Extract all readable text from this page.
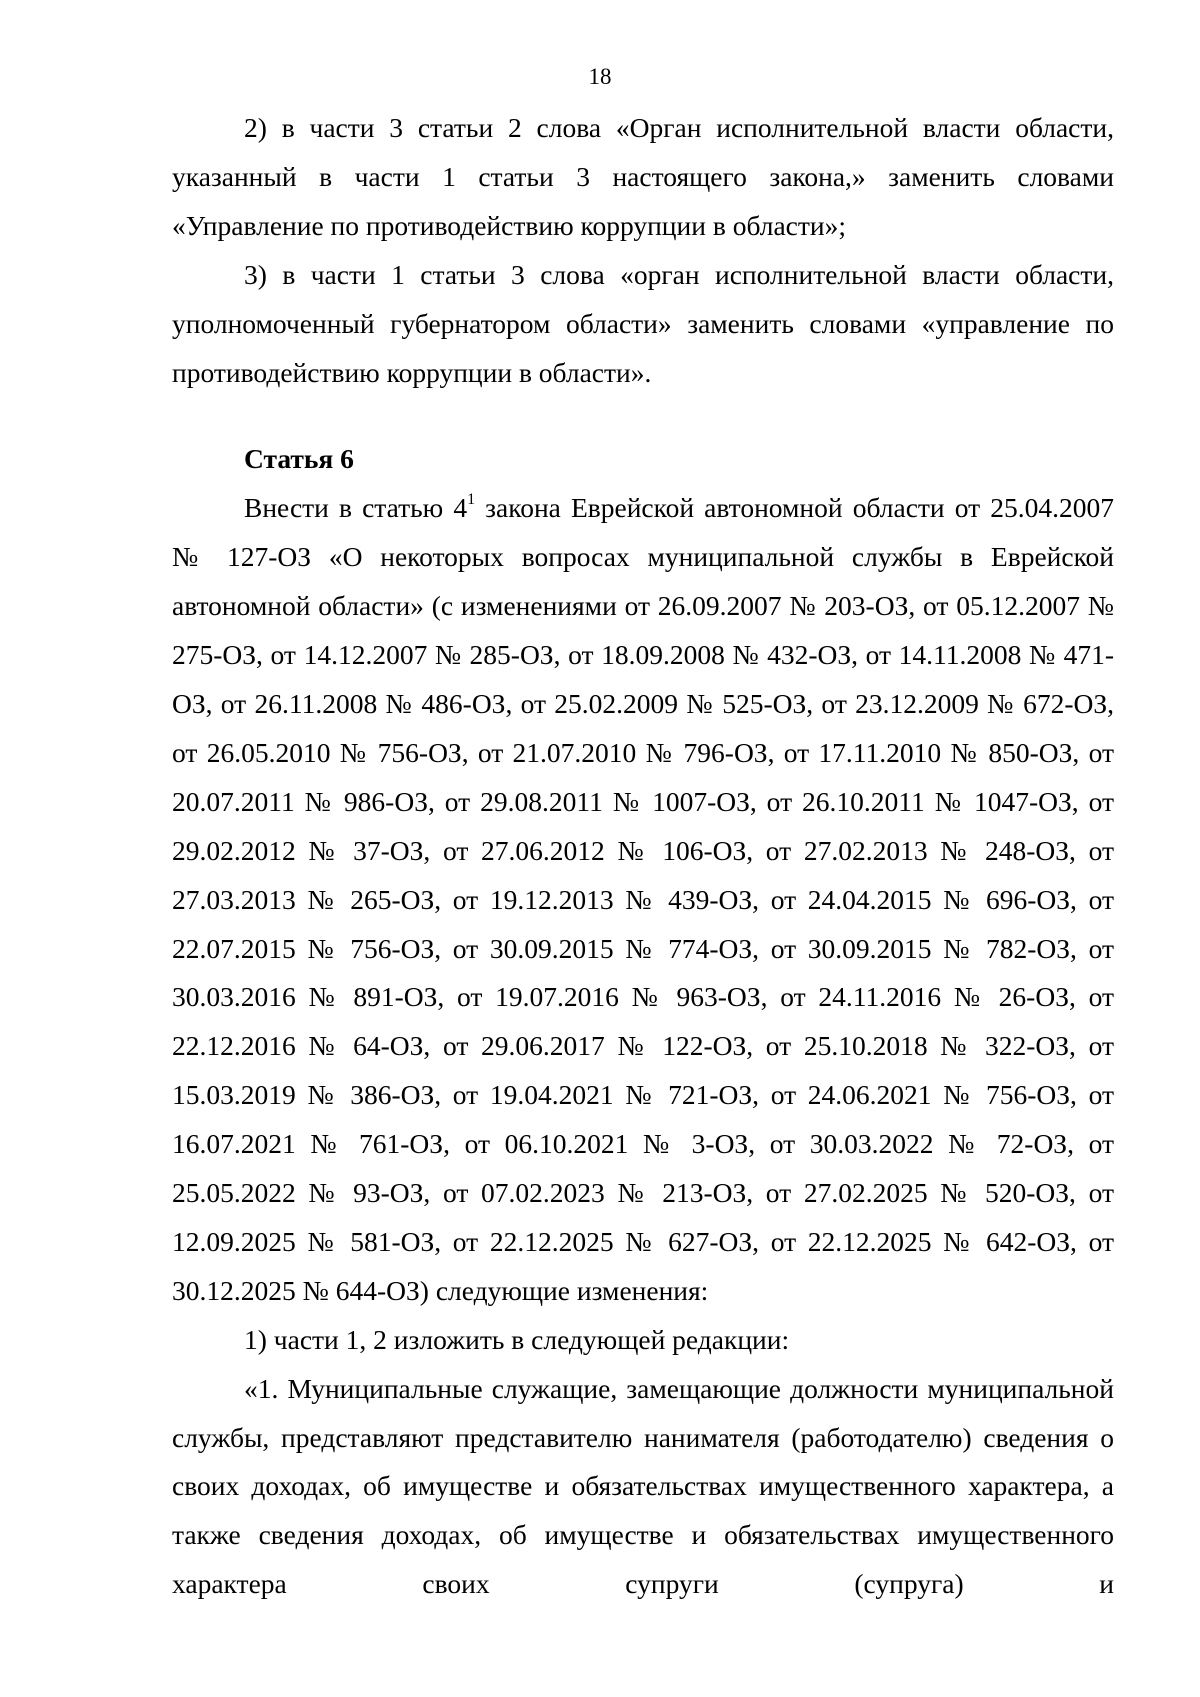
18

2) в части 3 статьи 2 слова «Орган исполнительной власти области, указанный в части 1 статьи 3 настоящего закона,» заменить словами «Управление по противодействию коррупции в области»;

3) в части 1 статьи 3 слова «орган исполнительной власти области, уполномоченный губернатором области» заменить словами «управление по противодействию коррупции в области».

Статья 6

Внести в статью $4^1$ закона Еврейской автономной области от 25.04.2007 № 127-ОЗ «О некоторых вопросах муниципальной службы в Еврейской автономной области» (с изменениями от 26.09.2007 № 203-ОЗ, от 05.12.2007 № 275-ОЗ, от 14.12.2007 № 285-ОЗ, от 18.09.2008 № 432-ОЗ, от 14.11.2008 № 471-ОЗ, от 26.11.2008 № 486-ОЗ, от 25.02.2009 № 525-ОЗ, от 23.12.2009 № 672-ОЗ, от 26.05.2010 № 756-ОЗ, от 21.07.2010 № 796-ОЗ, от 17.11.2010 № 850-ОЗ, от 20.07.2011 № 986-ОЗ, от 29.08.2011 № 1007-ОЗ, от 26.10.2011 № 1047-ОЗ, от 29.02.2012 № 37-ОЗ, от 27.06.2012 № 106-ОЗ, от 27.02.2013 № 248-ОЗ, от 27.03.2013 № 265-ОЗ, от 19.12.2013 № 439-ОЗ, от 24.04.2015 № 696-ОЗ, от 22.07.2015 № 756-ОЗ, от 30.09.2015 № 774-ОЗ, от 30.09.2015 № 782-ОЗ, от 30.03.2016 № 891-ОЗ, от 19.07.2016 № 963-ОЗ, от 24.11.2016 № 26-ОЗ, от 22.12.2016 № 64-ОЗ, от 29.06.2017 № 122-ОЗ, от 25.10.2018 № 322-ОЗ, от 15.03.2019 № 386-ОЗ, от 19.04.2021 № 721-ОЗ, от 24.06.2021 № 756-ОЗ, от 16.07.2021 № 761-ОЗ, от 06.10.2021 № 3-ОЗ, от 30.03.2022 № 72-ОЗ, от 25.05.2022 № 93-ОЗ, от 07.02.2023 № 213-ОЗ, от 27.02.2025 № 520-ОЗ, от 12.09.2025 № 581-ОЗ, от 22.12.2025 № 627-ОЗ, от 22.12.2025 № 642-ОЗ, от 30.12.2025 № 644-ОЗ) следующие изменения:

1) части 1, 2 изложить в следующей редакции:

«1. Муниципальные служащие, замещающие должности муниципальной службы, представляют представителю нанимателя (работодателю) сведения о своих доходах, об имуществе и обязательствах имущественного характера, а также сведения доходах, об имуществе и обязательствах имущественного характера своих супруги (супруга) и
